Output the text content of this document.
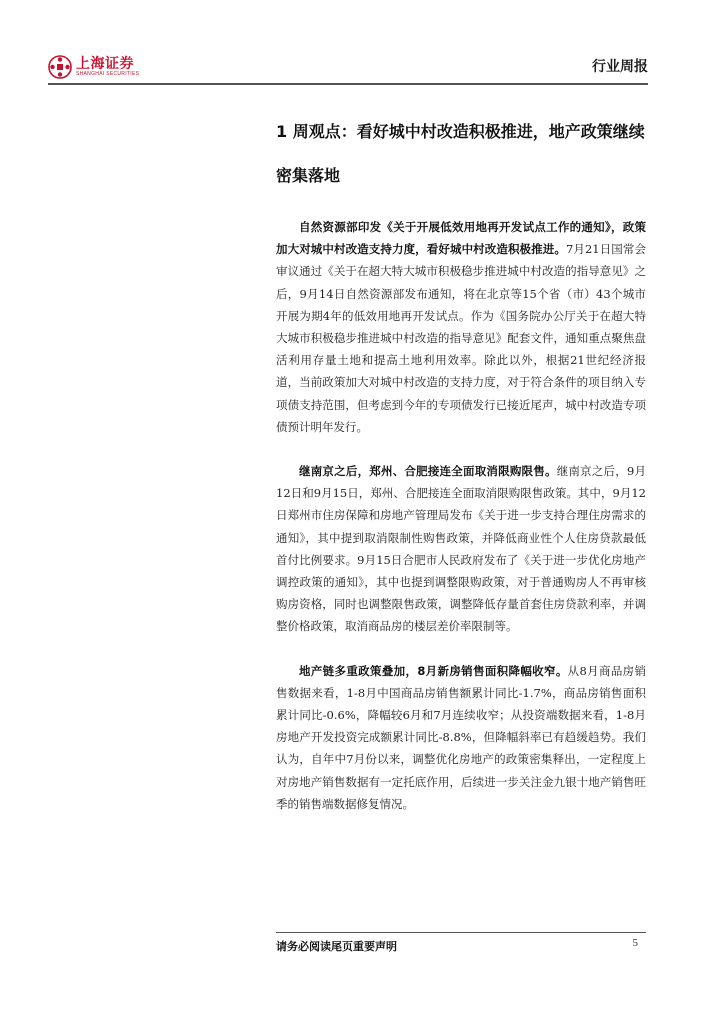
上海证券
SHANGHAI SECURITIES	行业周报
1 周观点：看好城中村改造积极推进，地产政策继续密集落地

自然资源部印发《关于开展低效用地再开发试点工作的通知》，政策加大对城中村改造支持力度，看好城中村改造积极推进。7月21日国常会审议通过《关于在超大特大城市积极稳步推进城中村改造的指导意见》之后，9月14日自然资源部发布通知，将在北京等15个省（市）43个城市开展为期4年的低效用地再开发试点。作为《国务院办公厅关于在超大特大城市积极稳步推进城中村改造的指导意见》配套文件，通知重点聚焦盘活利用存量土地和提高土地利用效率。除此以外，根据21世纪经济报道，当前政策加大对城中村改造的支持力度，对于符合条件的项目纳入专项债支持范围，但考虑到今年的专项债发行已接近尾声，城中村改造专项债预计明年发行。

继南京之后，郑州、合肥接连全面取消限购限售。继南京之后，9月12日和9月15日，郑州、合肥接连全面取消限购限售政策。其中，9月12日郑州市住房保障和房地产管理局发布《关于进一步支持合理住房需求的通知》，其中提到取消限制性购售政策，并降低商业性个人住房贷款最低首付比例要求。9月15日合肥市人民政府发布了《关于进一步优化房地产调控政策的通知》，其中也提到调整限购政策，对于普通购房人不再审核购房资格，同时也调整限售政策，调整降低存量首套住房贷款利率，并调整价格政策，取消商品房的楼层差价率限制等。

地产链多重政策叠加，8月新房销售面积降幅收窄。从8月商品房销售数据来看，1-8月中国商品房销售额累计同比-1.7%，商品房销售面积累计同比-0.6%，降幅较6月和7月连续收窄；从投资端数据来看，1-8月房地产开发投资完成额累计同比-8.8%，但降幅斜率已有趋缓趋势。我们认为，自年中7月份以来，调整优化房地产的政策密集释出，一定程度上对房地产销售数据有一定托底作用，后续进一步关注金九银十地产销售旺季的销售端数据修复情况。

请务必阅读尾页重要声明	5
